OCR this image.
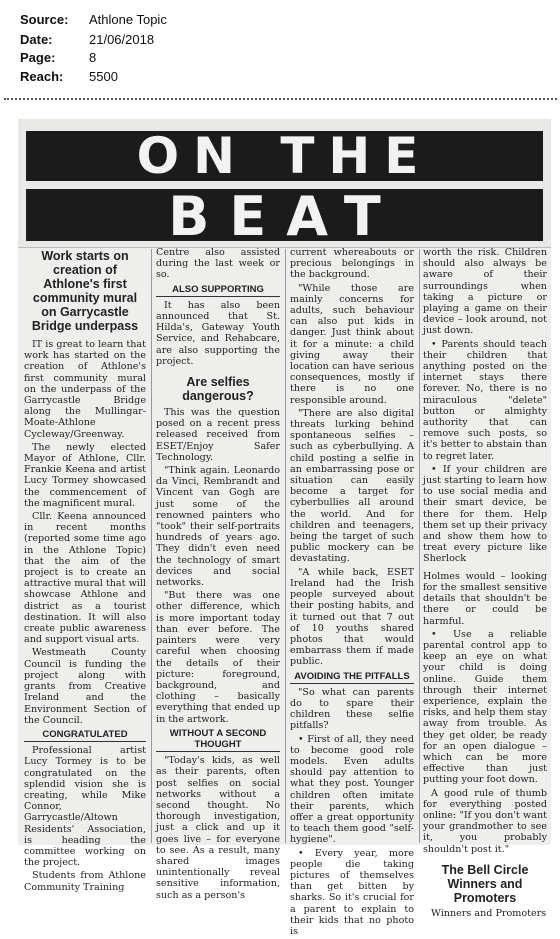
Source: Athlone Topic
Date:	21/06/2018
Page:	8
Reach: 5500
ON THE
BEAT
Work starts on creation of Athlone's first community mural on Garrycastle Bridge underpass

IT is great to learn that work has started on the creation of Athlone's first community mural on the underpass of the Garrycastle Bridge along the Mullingar-Moate-Athlone Cycleway/Greenway.

The newly elected Mayor of Athlone, Cllr. Frankie Keena and artist Lucy Tormey showcased the commencement of the magnificent mural.

Cllr. Keena announced in recent months (reported some time ago in the Athlone Topic) that the aim of the project is to create an attractive mural that will showcase Athlone and district as a tourist destination. It will also create public awareness and support visual arts.

Westmeath County Council is funding the project along with grants from Creative Ireland and the Environment Section of the Council.

CONGRATULATED

Professional artist Lucy Tormey is to be congratulated on the splendid vision she is creating, while Mike Connor, Garrycastle/Altown Residents' Association, is heading the committee working on the project.

Students from Athlone Community Training

Centre also assisted during the last week or so.

ALSO SUPPORTING

It has also been announced that St. Hilda's, Gateway Youth Service, and Rehabcare, are also supporting the project.

Are selfies dangerous?

This was the question posed on a recent press released received from ESET/Enjoy Safer Technology.

"Think again. Leonardo da Vinci, Rembrandt and Vincent van Gogh are just some of the renowned painters who "took" their self-portraits hundreds of years ago. They didn't even need the technology of smart devices and social networks.

"But there was one other difference, which is more important today than ever before. The painters were very careful when choosing the details of their picture: foreground, background, and clothing – basically everything that ended up in the artwork.

WITHOUT A SECOND THOUGHT

"Today's kids, as well as their parents, often post selfies on social networks without a second thought. No thorough investigation, just a click and up it goes live – for everyone to see. As a result, many shared images unintentionally reveal sensitive information, such as a person's

current whereabouts or precious belongings in the background.

"While those are mainly concerns for adults, such behaviour can also put kids in danger. Just think about it for a minute: a child giving away their location can have serious consequences, mostly if there is no one responsible around.

"There are also digital threats lurking behind spontaneous selfies – such as cyberbullying. A child posting a selfie in an embarrassing pose or situation can easily become a target for cyberbullies all around the world. And for children and teenagers, being the target of such public mockery can be devastating.

"A while back, ESET Ireland had the Irish people surveyed about their posting habits, and it turned out that 7 out of 10 youths shared photos that would embarrass them if made public.

AVOIDING THE PITFALLS

"So what can parents do to spare their children these selfie pitfalls?

• First of all, they need to become good role models. Even adults should pay attention to what they post. Younger children often imitate their parents, which offer a great opportunity to teach them good "self-hygiene".

• Every year, more people die taking pictures of themselves than get bitten by sharks. So it's crucial for a parent to explain to their kids that no photo is

worth the risk. Children should also always be aware of their surroundings when taking a picture or playing a game on their device – look around, not just down.

• Parents should teach their children that anything posted on the internet stays there forever. No, there is no miraculous "delete" button or almighty authority that can remove such posts, so it's better to abstain than to regret later.

• If your children are just starting to learn how to use social media and their smart device, be there for them. Help them set up their privacy and show them how to treat every picture like Sherlock

Holmes would – looking for the smallest sensitive details that shouldn't be there or could be harmful.

• Use a reliable parental control app to keep an eye on what your child is doing online. Guide them through their internet experience, explain the risks, and help them stay away from trouble. As they get older, be ready for an open dialogue – which can be more effective than just putting your foot down.

A good rule of thumb for everything posted online: "If you don't want your grandmother to see it, you probably shouldn't post it."

The Bell Circle Winners and Promoters

Winners and Promoters
